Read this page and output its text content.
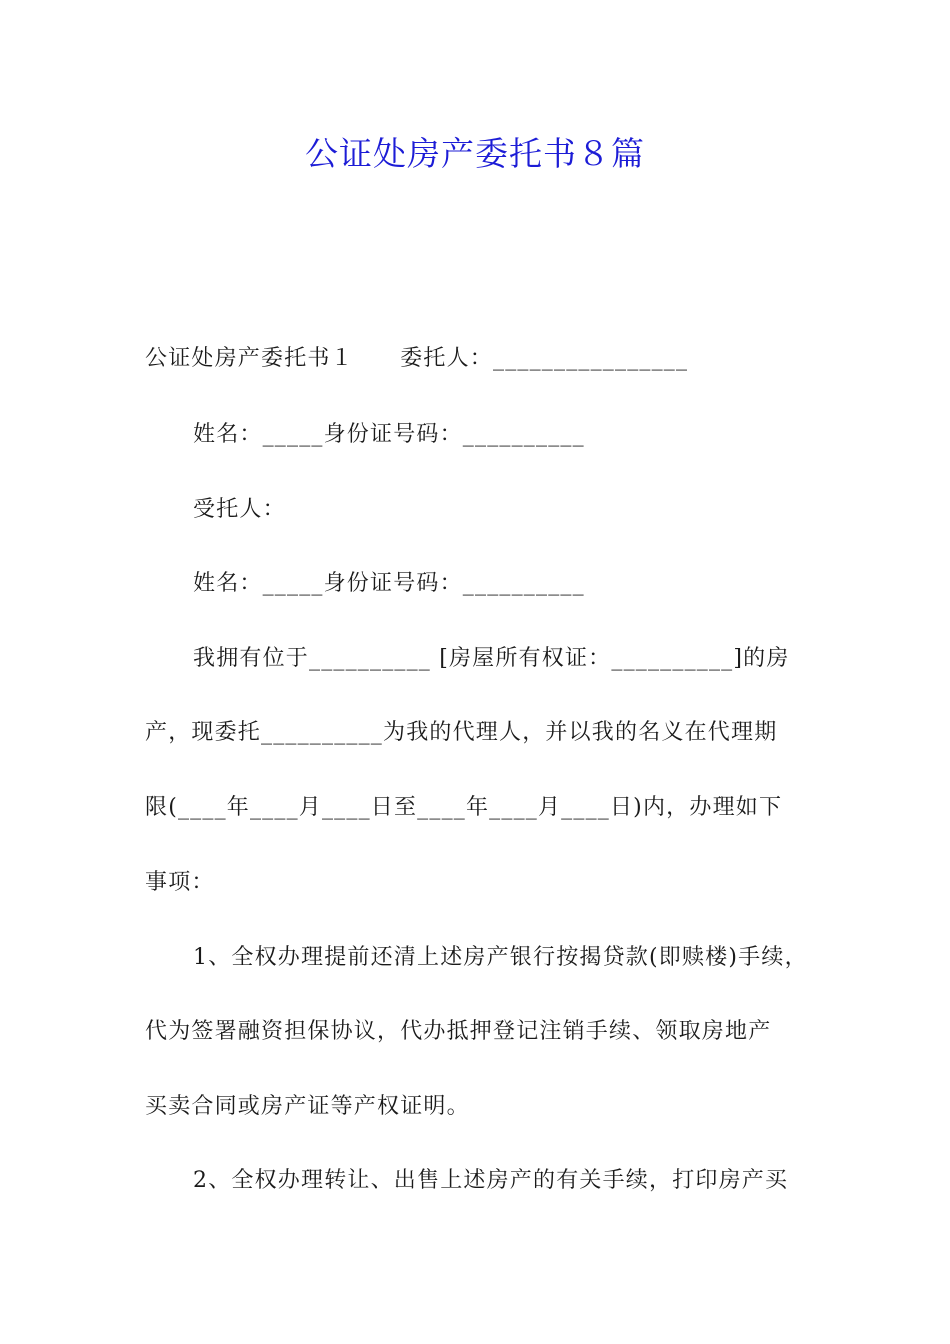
公证处房产委托书８篇
公证处房产委托书１　　委托人：________________
姓名：_____身份证号码：__________
受托人：
姓名：_____身份证号码：__________
我拥有位于__________ [房屋所有权证：__________]的房
产，现委托__________为我的代理人，并以我的名义在代理期
限(____年____月____日至____年____月____日)内，办理如下
事项：
1、全权办理提前还清上述房产银行按揭贷款(即赎楼)手续，
代为签署融资担保协议，代办抵押登记注销手续、领取房地产
买卖合同或房产证等产权证明。
2、全权办理转让、出售上述房产的有关手续，打印房产买
